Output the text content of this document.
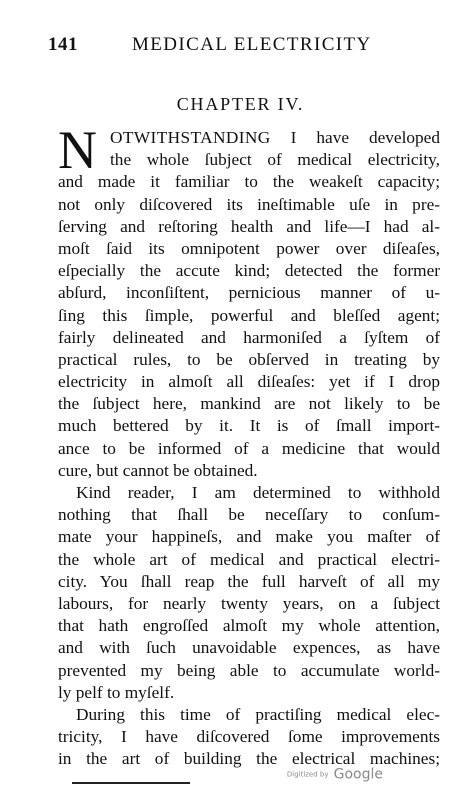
141	MEDICAL ELECTRICITY
CHAPTER IV.
N OTWITHSTANDING I have developed
the whole ſubject of medical electricity,
and made it familiar to the weakeſt capacity;
not only diſcovered its ineſtimable uſe in pre-
ſerving and reſtoring health and life—I had al-
moſt ſaid its omnipotent power over diſeaſes,
eſpecially the accute kind; detected the former
abſurd, inconſiſtent, pernicious manner of u-
ſing this ſimple, powerful and bleſſed agent;
fairly delineated and harmoniſed a ſyſtem of
practical rules, to be obſerved in treating by
electricity in almoſt all diſeaſes: yet if I drop
the ſubject here, mankind are not likely to be
much bettered by it. It is of ſmall import-
ance to be informed of a medicine that would
cure, but cannot be obtained.
Kind reader, I am determined to withhold
nothing that ſhall be neceſſary to conſum-
mate your happineſs, and make you maſter of
the whole art of medical and practical electri-
city. You ſhall reap the full harveſt of all my
labours, for nearly twenty years, on a ſubject
that hath engroſſed almoſt my whole attention,
and with ſuch unavoidable expences, as have
prevented my being able to accumulate world-
ly pelf to myſelf.
During this time of practiſing medical elec-
tricity, I have diſcovered ſome improvements
in the art of building the electrical machines;
Digitized by Google
